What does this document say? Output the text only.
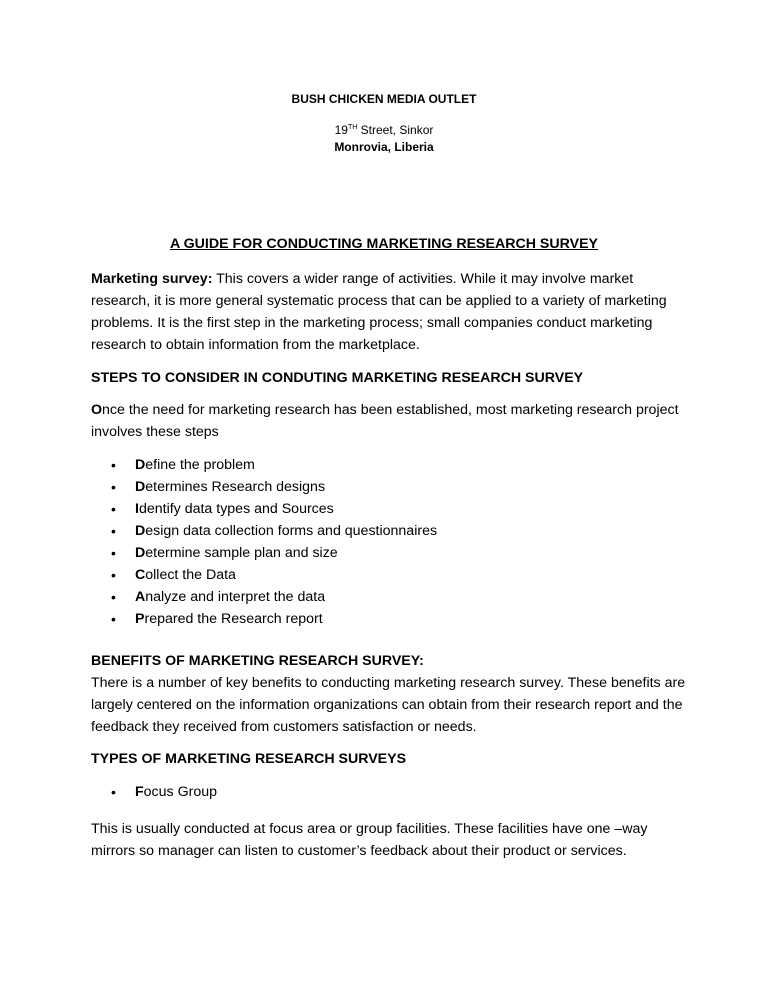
BUSH CHICKEN MEDIA OUTLET
19TH Street, Sinkor
Monrovia, Liberia
A GUIDE FOR CONDUCTING MARKETING RESEARCH SURVEY
Marketing survey: This covers a wider range of activities. While it may involve market research, it is more general systematic process that can be applied to a variety of marketing problems. It is the first step in the marketing process; small companies conduct marketing research to obtain information from the marketplace.
STEPS TO CONSIDER IN CONDUTING MARKETING RESEARCH SURVEY
Once the need for marketing research has been established, most marketing research project involves these steps
• Define the problem
• Determines Research designs
• Identify data types and Sources
• Design data collection forms and questionnaires
• Determine sample plan and size
• Collect the Data
• Analyze and interpret the data
• Prepared the Research report
BENEFITS OF MARKETING RESEARCH SURVEY:
There is a number of key benefits to conducting marketing research survey. These benefits are largely centered on the information organizations can obtain from their research report and the feedback they received from customers satisfaction or needs.
TYPES OF MARKETING RESEARCH SURVEYS
• Focus Group
This is usually conducted at focus area or group facilities. These facilities have one –way mirrors so manager can listen to customer’s feedback about their product or services.
